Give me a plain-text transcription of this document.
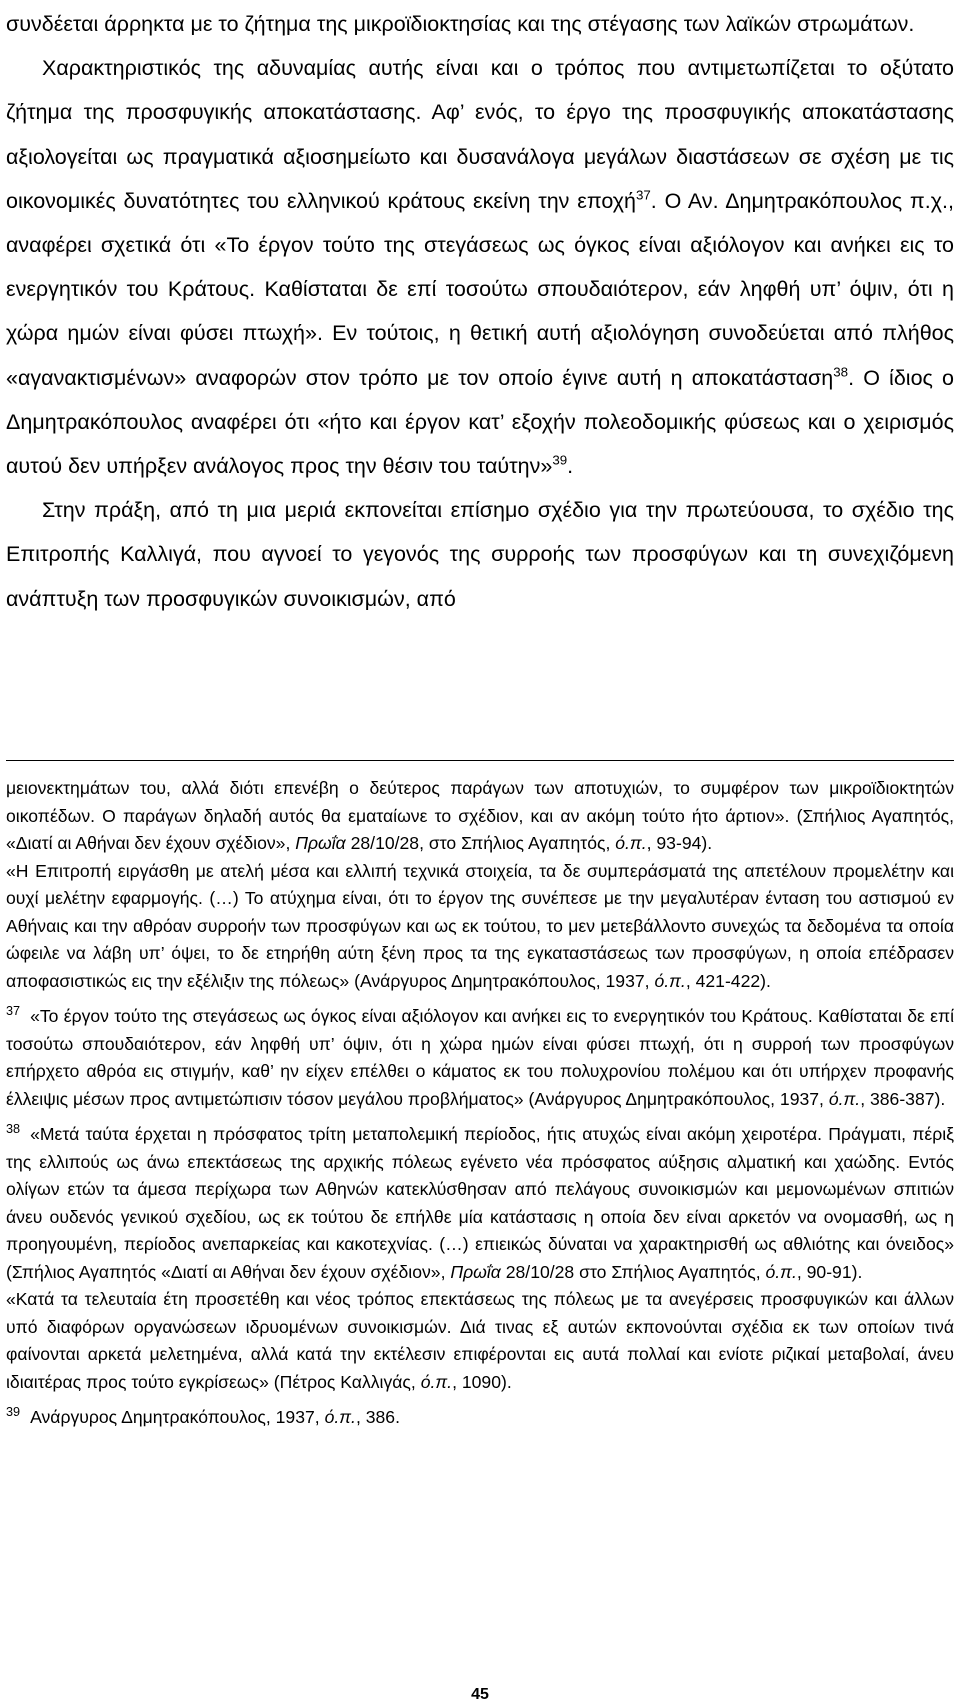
συνδέεται άρρηκτα με το ζήτημα της μικροϊδιοκτησίας και της στέγασης των λαϊκών στρωμάτων.

Χαρακτηριστικός της αδυναμίας αυτής είναι και ο τρόπος που αντιμετωπίζεται το οξύτατο ζήτημα της προσφυγικής αποκατάστασης. Αφ’ ενός, το έργο της προσφυγικής αποκατάστασης αξιολογείται ως πραγματικά αξιοσημείωτο και δυσανάλογα μεγάλων διαστάσεων σε σχέση με τις οικονομικές δυνατότητες του ελληνικού κράτους εκείνη την εποχή$^{37}$. Ο Αν. Δημητρακόπουλος π.χ., αναφέρει σχετικά ότι «Το έργον τούτο της στεγάσεως ως όγκος είναι αξιόλογον και ανήκει εις το ενεργητικόν του Κράτους. Καθίσταται δε επί τοσούτω σπουδαιότερον, εάν ληφθή υπ’ όψιν, ότι η χώρα ημών είναι φύσει πτωχή». Εν τούτοις, η θετική αυτή αξιολόγηση συνοδεύεται από πλήθος «αγανακτισμένων» αναφορών στον τρόπο με τον οποίο έγινε αυτή η αποκατάσταση$^{38}$. Ο ίδιος ο Δημητρακόπουλος αναφέρει ότι «ήτο και έργον κατ’ εξοχήν πολεοδομικής φύσεως και ο χειρισμός αυτού δεν υπήρξεν ανάλογος προς την θέσιν του ταύτην»$^{39}$.

Στην πράξη, από τη μια μεριά εκπονείται επίσημο σχέδιο για την πρωτεύουσα, το σχέδιο της Επιτροπής Καλλιγά, που αγνοεί το γεγονός της συρροής των προσφύγων και τη συνεχιζόμενη ανάπτυξη των προσφυγικών συνοικισμών, από

μειονεκτημάτων του, αλλά διότι επενέβη ο δεύτερος παράγων των αποτυχιών, το συμφέρον των μικροϊδιοκτητών οικοπέδων. Ο παράγων δηλαδή αυτός θα εματαίωνε το σχέδιον, και αν ακόμη τούτο ήτο άρτιον». (Σπήλιος Αγαπητός, «Διατί αι Αθήναι δεν έχουν σχέδιον», Πρωΐα 28/10/28, στο Σπήλιος Αγαπητός, ό.π., 93-94).

«Η Επιτροπή ειργάσθη με ατελή μέσα και ελλιπή τεχνικά στοιχεία, τα δε συμπεράσματά της απετέλουν προμελέτην και ουχί μελέτην εφαρμογής. (…) Το ατύχημα είναι, ότι το έργον της συνέπεσε με την μεγαλυτέραν ένταση του αστισμού εν Αθήναις και την αθρόαν συρροήν των προσφύγων και ως εκ τούτου, το μεν μετεβάλλοντο συνεχώς τα δεδομένα τα οποία ώφειλε να λάβη υπ’ όψει, το δε ετηρήθη αύτη ξένη προς τα της εγκαταστάσεως των προσφύγων, η οποία επέδρασεν αποφασιστικώς εις την εξέλιξιν της πόλεως» (Ανάργυρος Δημητρακόπουλος, 1937, ό.π., 421-422).

$^{37}$ «Το έργον τούτο της στεγάσεως ως όγκος είναι αξιόλογον και ανήκει εις το ενεργητικόν του Κράτους. Καθίσταται δε επί τοσούτω σπουδαιότερον, εάν ληφθή υπ’ όψιν, ότι η χώρα ημών είναι φύσει πτωχή, ότι η συρροή των προσφύγων επήρχετο αθρόα εις στιγμήν, καθ’ ην είχεν επέλθει ο κάματος εκ του πολυχρονίου πολέμου και ότι υπήρχεν προφανής έλλειψις μέσων προς αντιμετώπισιν τόσον μεγάλου προβλήματος» (Ανάργυρος Δημητρακόπουλος, 1937, ό.π., 386-387).

$^{38}$ «Μετά ταύτα έρχεται η πρόσφατος τρίτη μεταπολεμική περίοδος, ήτις ατυχώς είναι ακόμη χειροτέρα. Πράγματι, πέριξ της ελλιπούς ως άνω επεκτάσεως της αρχικής πόλεως εγένετο νέα πρόσφατος αύξησις αλματική και χαώδης. Εντός ολίγων ετών τα άμεσα περίχωρα των Αθηνών κατεκλύσθησαν από πελάγους συνοικισμών και μεμονωμένων σπιτιών άνευ ουδενός γενικού σχεδίου, ως εκ τούτου δε επήλθε μία κατάστασις η οποία δεν είναι αρκετόν να ονομασθή, ως η προηγουμένη, περίοδος ανεπαρκείας και κακοτεχνίας. (…) επιεικώς δύναται να χαρακτηρισθή ως αθλιότης και όνειδος» (Σπήλιος Αγαπητός «Διατί αι Αθήναι δεν έχουν σχέδιον», Πρωΐα 28/10/28 στο Σπήλιος Αγαπητός, ό.π., 90-91).

«Κατά τα τελευταία έτη προσετέθη και νέος τρόπος επεκτάσεως της πόλεως με τα ανεγέρσεις προσφυγικών και άλλων υπό διαφόρων οργανώσεων ιδρυομένων συνοικισμών. Διά τινας εξ αυτών εκπονούνται σχέδια εκ των οποίων τινά φαίνονται αρκετά μελετημένα, αλλά κατά την εκτέλεσιν επιφέρονται εις αυτά πολλαί και ενίοτε ριζικαί μεταβολαί, άνευ ιδιαιτέρας προς τούτο εγκρίσεως» (Πέτρος Καλλιγάς, ό.π., 1090).

$^{39}$ Ανάργυρος Δημητρακόπουλος, 1937, ό.π., 386.

45
